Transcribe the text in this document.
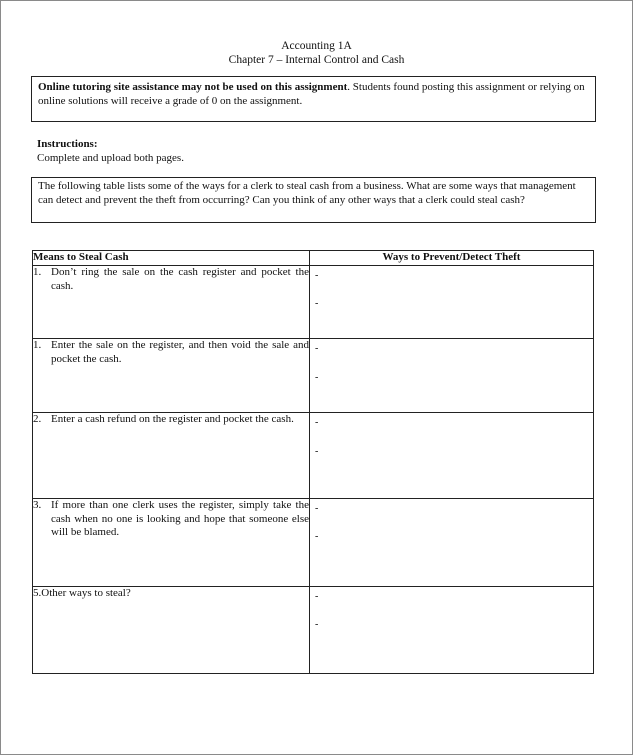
Accounting 1A
Chapter 7 – Internal Control and Cash
Online tutoring site assistance may not be used on this assignment. Students found posting this assignment or relying on online solutions will receive a grade of 0 on the assignment.
Instructions:
Complete and upload both pages.
The following table lists some of the ways for a clerk to steal cash from a business. What are some ways that management can detect and prevent the theft from occurring? Can you think of any other ways that a clerk could steal cash?
Means to Steal Cash	Ways to Prevent/Detect Theft

1. Don’t ring the sale on the cash register and pocket the cash.	-
-

1. Enter the sale on the register, and then void the sale and pocket the cash.	-
-

2. Enter a cash refund on the register and pocket the cash.	-
-

3. If more than one clerk uses the register, simply take the cash when no one is looking and hope that someone else will be blamed.	-
-

5.Other ways to steal?	-
-
